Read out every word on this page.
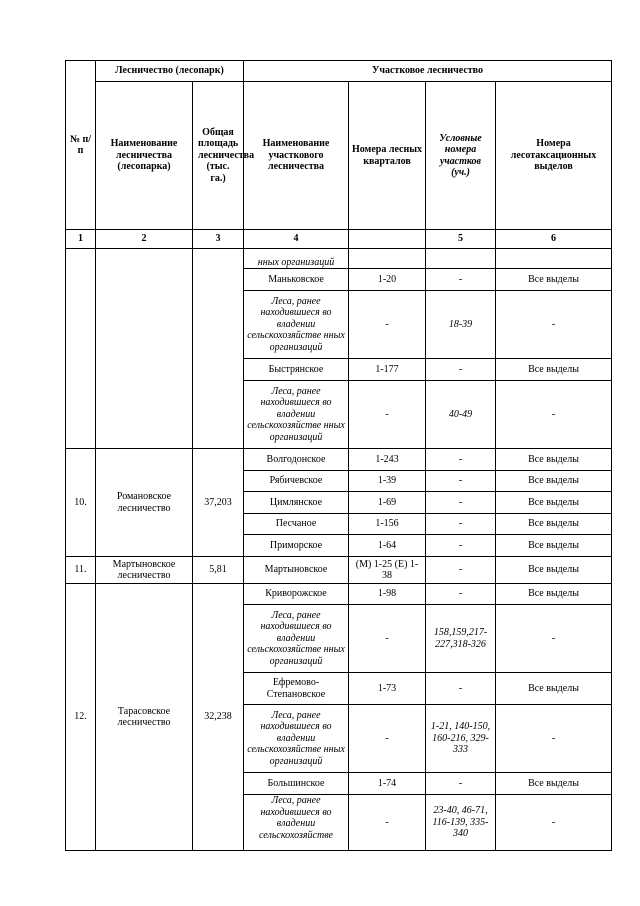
№ п/п	Лесничество (лесопарк)		Участковое лесничество			
	Наименование лесничества (лесопарка)	Общая площадь лесничества (тыс. га.)	Наименование участкового лесничества	Номера лесных кварталов	Условные номера участков (уч.)	Номера лесотаксационных выделов
1	2	3	4		5	6
			нных организаций			
			Маньковское	1-20	-	Все выделы
			Леса, ранее находившиеся во владении сельскохозяйстве нных организаций	-	18-39	-
			Быстрянское	1-177	-	Все выделы
			Леса, ранее находившиеся во владении сельскохозяйстве нных организаций	-	40-49	-
10.	Романовское лесничество	37,203	Волгодонское	1-243	-	Все выделы
			Рябичевское	1-39	-	Все выделы
			Цимлянское	1-69	-	Все выделы
			Песчаное	1-156	-	Все выделы
			Приморское	1-64	-	Все выделы
11.	Мартыновское лесничество	5,81	Мартыновское	(М) 1-25 (Е) 1-38	-	Все выделы
12.	Тарасовское лесничество	32,238	Криворожское	1-98	-	Все выделы
			Леса, ранее находившиеся во владении сельскохозяйстве нных организаций	-	158,159,217-227,318-326	-
			Ефремово-Степановское	1-73	-	Все выделы
			Леса, ранее находившиеся во владении сельскохозяйстве нных организаций	-	1-21, 140-150, 160-216, 329-333	-
			Большинское	1-74	-	Все выделы
			Леса, ранее находившиеся во владении сельскохозяйстве	-	23-40, 46-71, 116-139, 335-340	-
